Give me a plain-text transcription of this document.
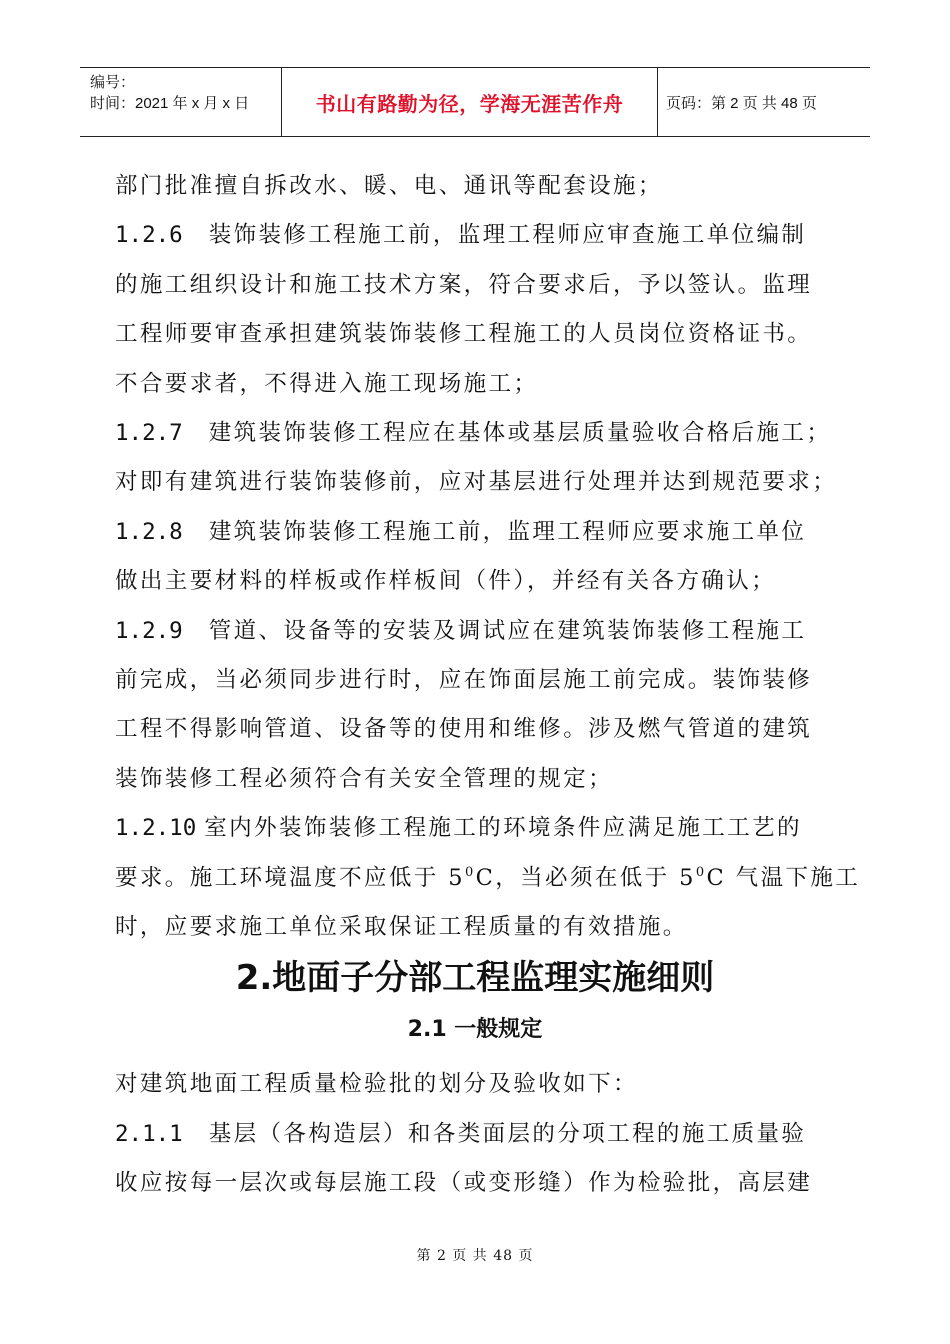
编号：
时间：2021 年 x 月 x 日	书山有路勤为径，学海无涯苦作舟	页码：第 2 页 共 48 页
部门批准擅自拆改水、暖、电、通讯等配套设施；
1.2.6 装饰装修工程施工前，监理工程师应审查施工单位编制
的施工组织设计和施工技术方案，符合要求后，予以签认。监理
工程师要审查承担建筑装饰装修工程施工的人员岗位资格证书。
不合要求者，不得进入施工现场施工；
1.2.7 建筑装饰装修工程应在基体或基层质量验收合格后施工；
对即有建筑进行装饰装修前，应对基层进行处理并达到规范要求；
1.2.8 建筑装饰装修工程施工前，监理工程师应要求施工单位
做出主要材料的样板或作样板间（件），并经有关各方确认；
1.2.9 管道、设备等的安装及调试应在建筑装饰装修工程施工
前完成，当必须同步进行时，应在饰面层施工前完成。装饰装修
工程不得影响管道、设备等的使用和维修。涉及燃气管道的建筑
装饰装修工程必须符合有关安全管理的规定；
1.2.10 室内外装饰装修工程施工的环境条件应满足施工工艺的
要求。施工环境温度不应低于 $5^0C$，当必须在低于 $5^0C$ 气温下施工
时，应要求施工单位采取保证工程质量的有效措施。
2.地面子分部工程监理实施细则
2.1 一般规定
对建筑地面工程质量检验批的划分及验收如下：
2.1.1 基层（各构造层）和各类面层的分项工程的施工质量验
收应按每一层次或每层施工段（或变形缝）作为检验批，高层建
第 2 页 共 48 页
